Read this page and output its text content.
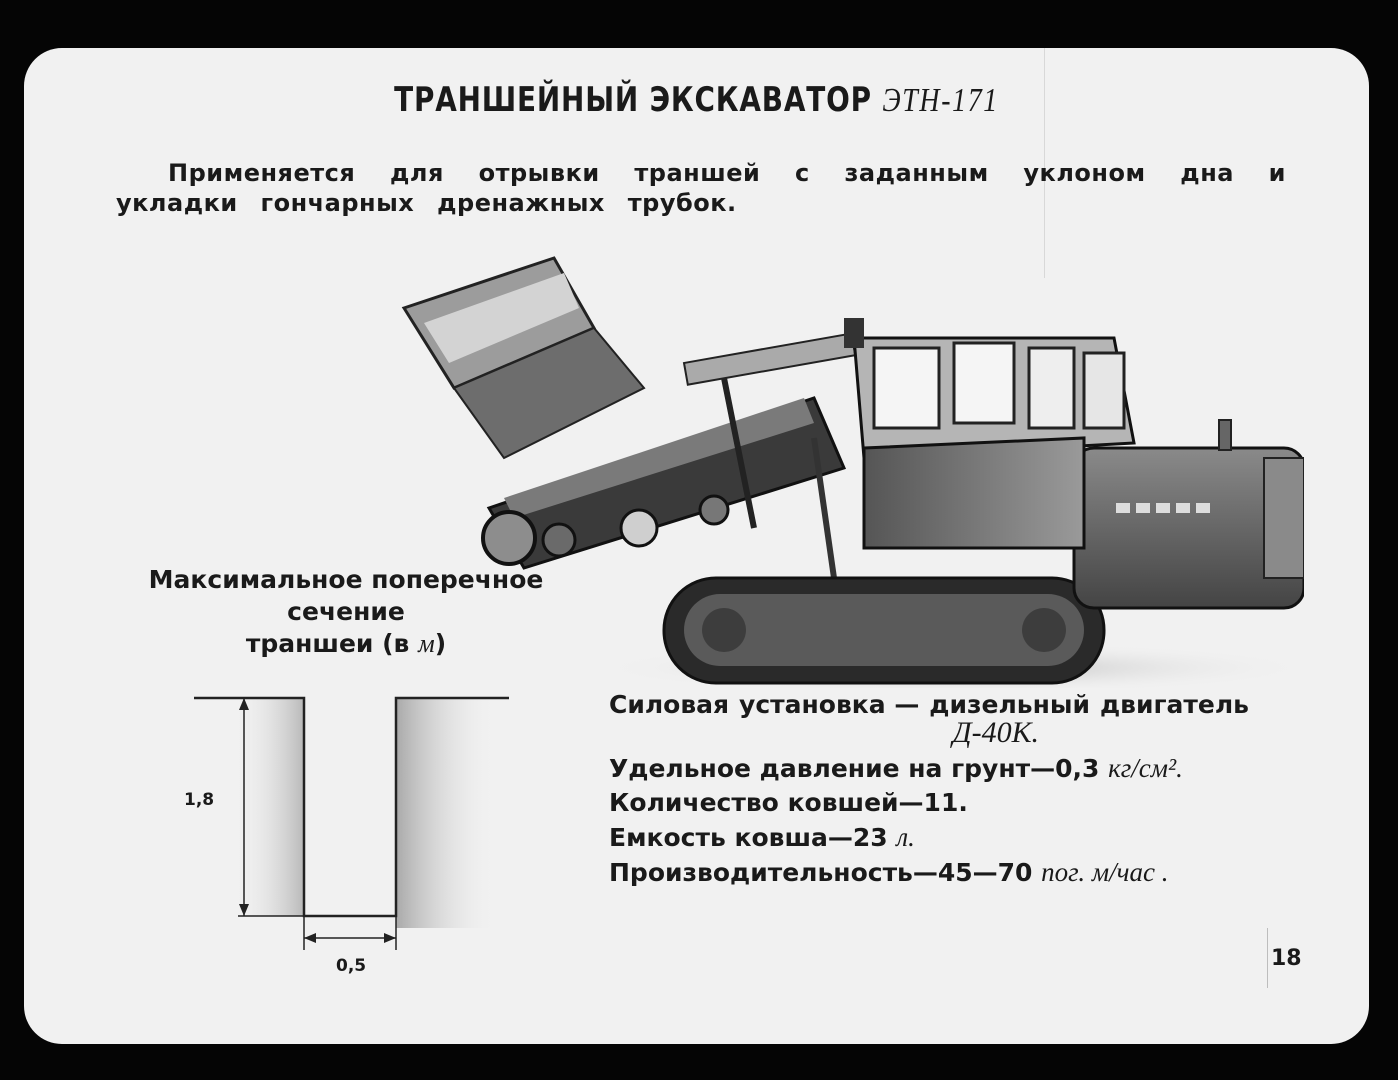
ТРАНШЕЙНЫЙ ЭКСКАВАТОР ЭТН-171
Применяется для отрывки траншей с заданным уклоном дна и укладки гончарных дренажных трубок.
Максимальное поперечное сечение
траншеи (в м)
1,8
0,5
Силовая установка — дизельный двигатель
Д-40К.
Удельное давление на грунт—0,3 кг/см².
Количество ковшей—11.
Емкость ковша—23 л.
Производительность—45—70 пог. м/час .
18
